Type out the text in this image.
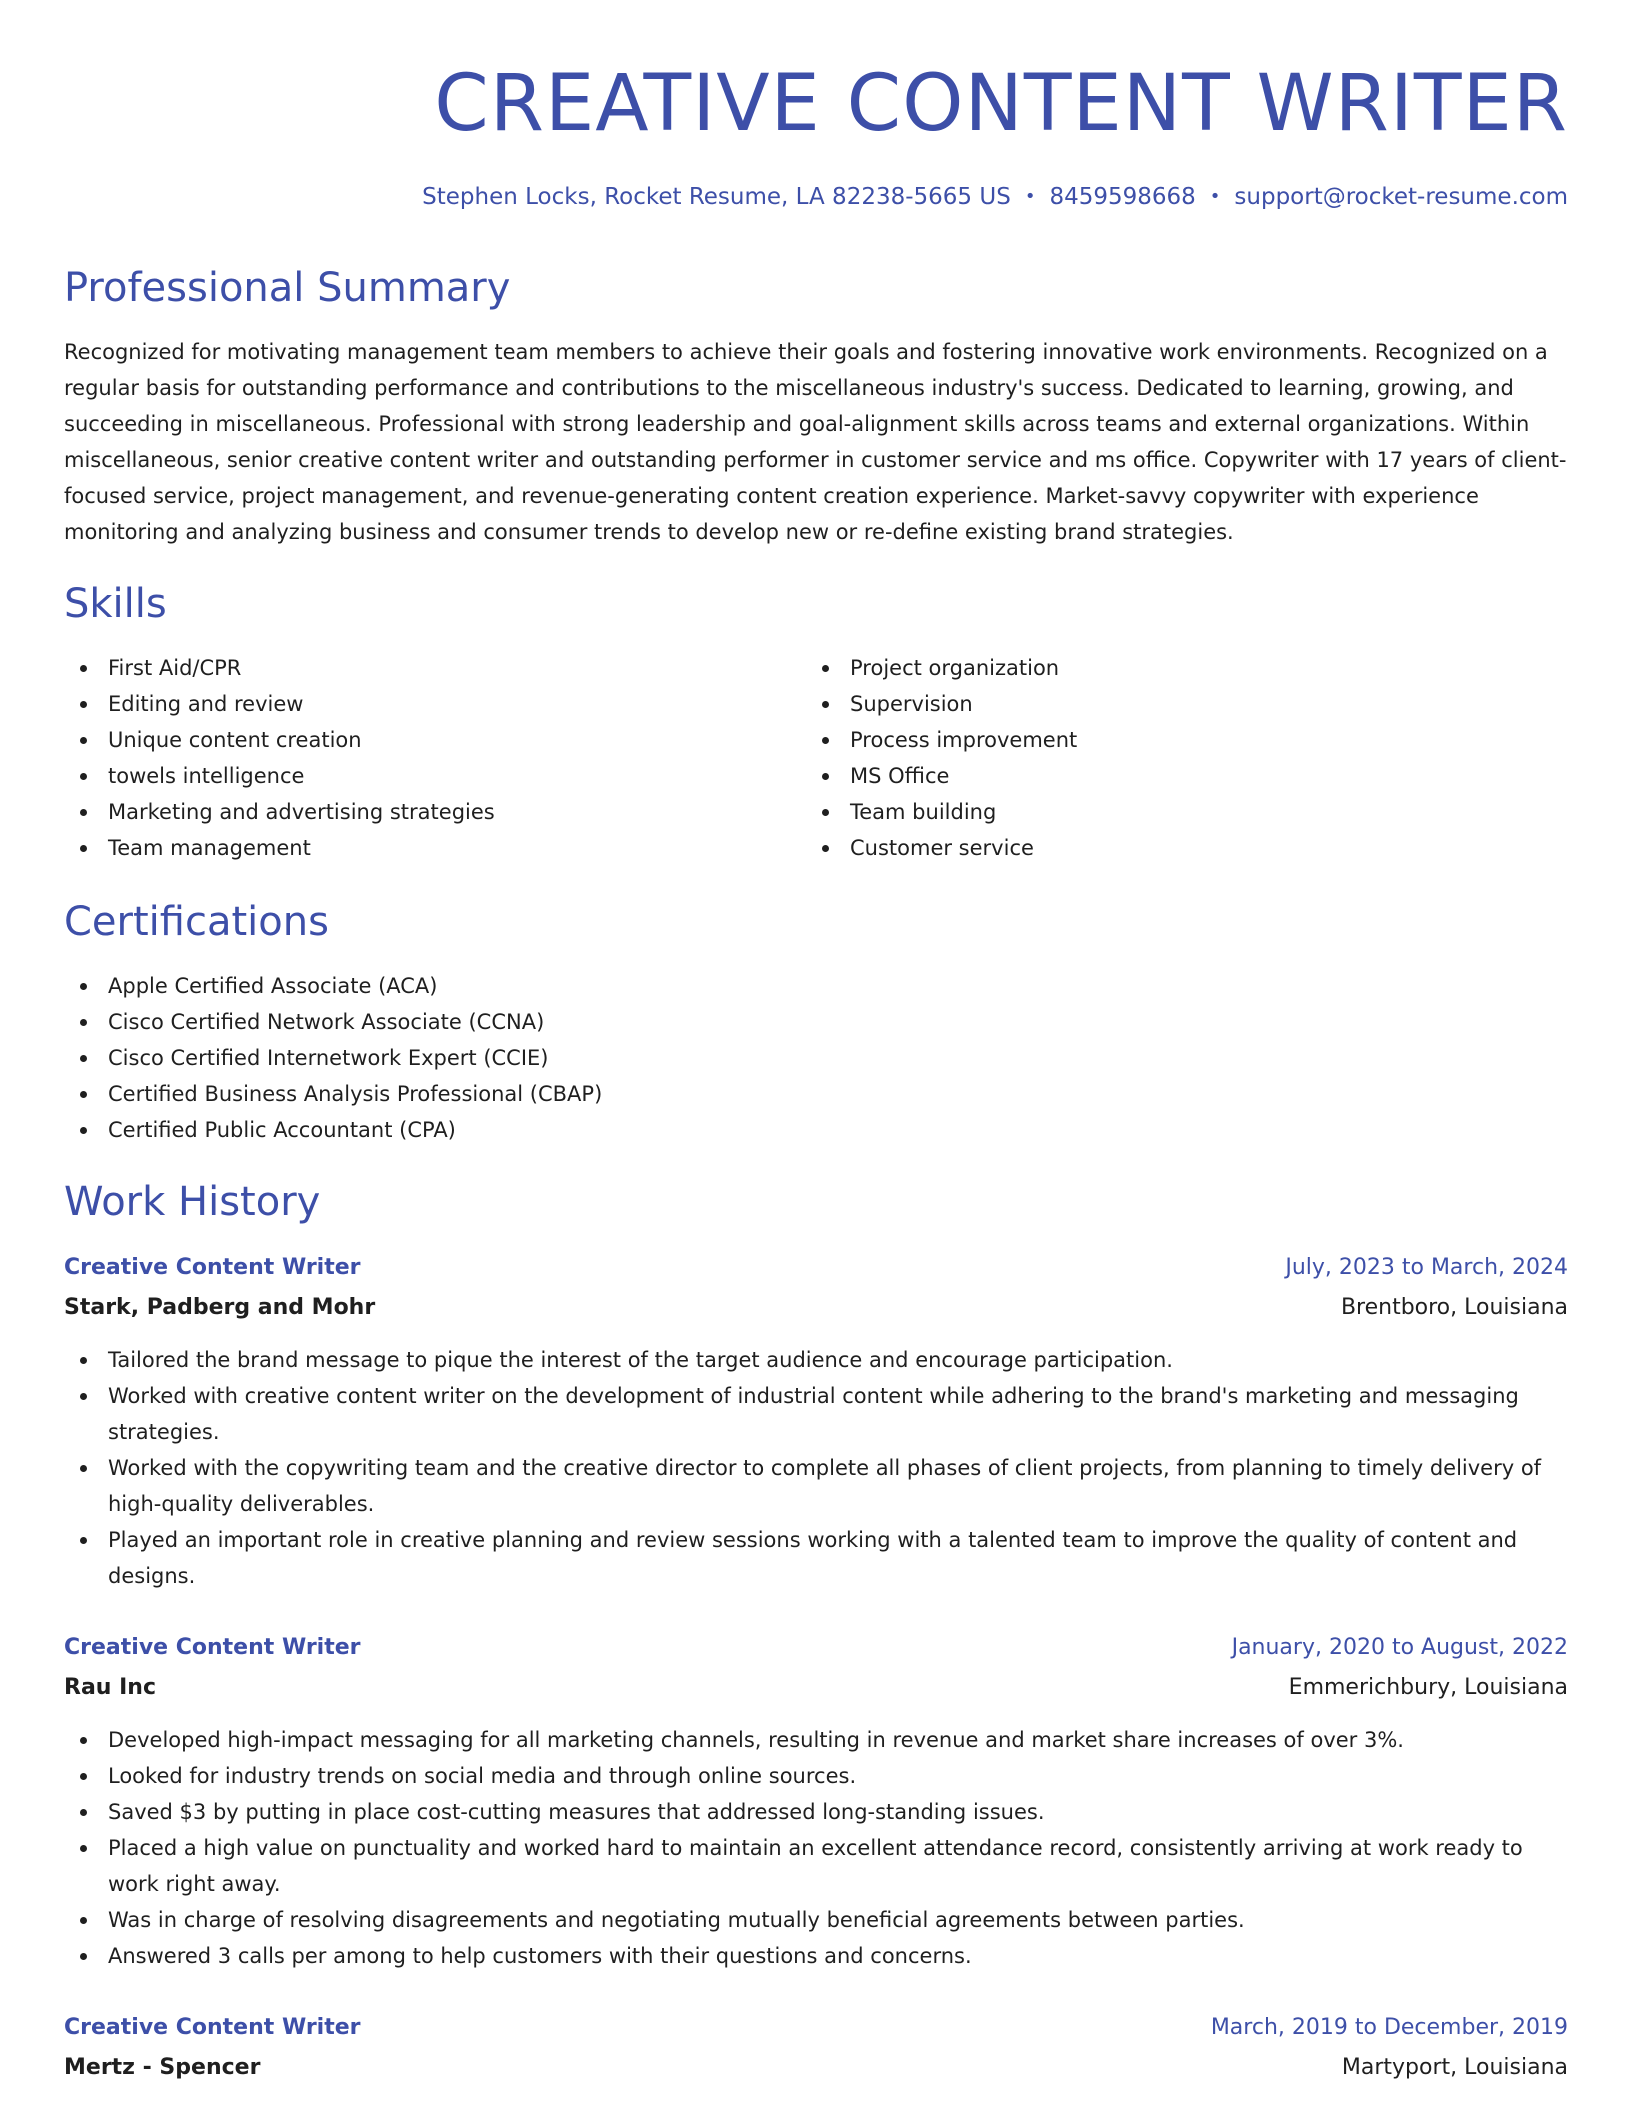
CREATIVE CONTENT WRITER
Stephen Locks, Rocket Resume, LA 82238-5665 US • 8459598668 • support@rocket-resume.com
Professional Summary

Recognized for motivating management team members to achieve their goals and fostering innovative work environments. Recognized on a regular basis for outstanding performance and contributions to the miscellaneous industry's success. Dedicated to learning, growing, and succeeding in miscellaneous. Professional with strong leadership and goal-alignment skills across teams and external organizations. Within miscellaneous, senior creative content writer and outstanding performer in customer service and ms office. Copywriter with 17 years of client-focused service, project management, and revenue-generating content creation experience. Market-savvy copywriter with experience monitoring and analyzing business and consumer trends to develop new or re-define existing brand strategies.

Skills
First Aid/CPR
Editing and review
Unique content creation
towels intelligence
Marketing and advertising strategies
Team management
Project organization
Supervision
Process improvement
MS Office
Team building
Customer service
Certifications
Apple Certified Associate (ACA)
Cisco Certified Network Associate (CCNA)
Cisco Certified Internetwork Expert (CCIE)
Certified Business Analysis Professional (CBAP)
Certified Public Accountant (CPA)
Work History
Creative Content Writer	July, 2023 to March, 2024
Stark, Padberg and Mohr	Brentboro, Louisiana
Tailored the brand message to pique the interest of the target audience and encourage participation.
Worked with creative content writer on the development of industrial content while adhering to the brand's marketing and messaging strategies.
Worked with the copywriting team and the creative director to complete all phases of client projects, from planning to timely delivery of high-quality deliverables.
Played an important role in creative planning and review sessions working with a talented team to improve the quality of content and designs.
Creative Content Writer	January, 2020 to August, 2022
Rau Inc	Emmerichbury, Louisiana
Developed high-impact messaging for all marketing channels, resulting in revenue and market share increases of over 3%.
Looked for industry trends on social media and through online sources.
Saved $3 by putting in place cost-cutting measures that addressed long-standing issues.
Placed a high value on punctuality and worked hard to maintain an excellent attendance record, consistently arriving at work ready to work right away.
Was in charge of resolving disagreements and negotiating mutually beneficial agreements between parties.
Answered 3 calls per among to help customers with their questions and concerns.
Creative Content Writer	March, 2019 to December, 2019
Mertz - Spencer	Martyport, Louisiana
